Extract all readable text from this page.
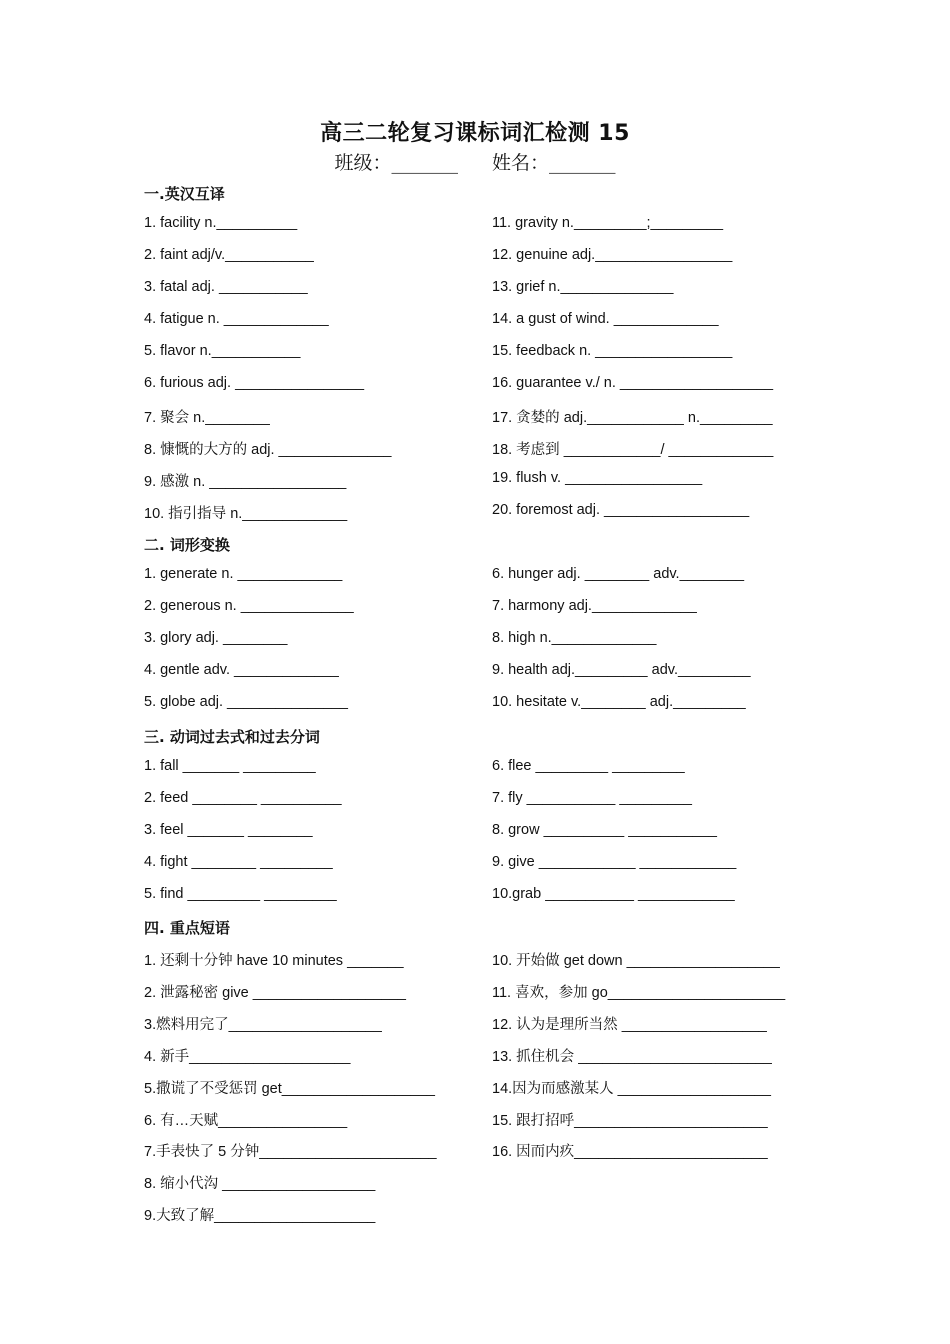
高三二轮复习课标词汇检测 15
班级：_______ 姓名：_______
一.英汉互译
1. facility n.__________	11. gravity n._________;_________
2. faint adj/v.___________	12. genuine adj._________________
3. fatal adj. ___________	13. grief n.______________
4. fatigue n. _____________	14. a gust of wind. _____________
5. flavor n.___________	15. feedback n. _________________
6. furious adj. ________________	16. guarantee v./ n. ___________________
7. 聚会 n.________	17. 贪婪的 adj.____________ n._________
8. 慷慨的大方的 adj. ______________	18. 考虑到 ____________/ _____________
9. 感激 n. _________________	19. flush v. _________________
10. 指引指导 n._____________	20. foremost adj. __________________
二. 词形变换
1. generate n. _____________	6. hunger adj. ________ adv.________
2. generous n. ______________	7. harmony adj._____________
3. glory adj. ________	8. high n._____________
4. gentle adv. _____________	9. health adj._________ adv._________
5. globe adj. _______________	10. hesitate v.________ adj._________
三. 动词过去式和过去分词
1. fall _______ _________	6. flee _________ _________
2. feed ________ __________	7. fly ___________ _________
3. feel _______ ________	8. grow __________ ___________
4. fight ________ _________	9. give ____________ ____________
5. find _________ _________	10.grab ___________ ____________
四. 重点短语
1. 还剩十分钟 have 10 minutes _______	10. 开始做 get down ___________________
2. 泄露秘密 give ___________________	11. 喜欢，参加 go______________________
3.燃料用完了___________________	12. 认为是理所当然 __________________
4. 新手____________________	13. 抓住机会 ________________________
5.撒谎了不受惩罚 get___________________	14.因为而感激某人 ___________________
6. 有…天赋________________	15. 跟打招呼________________________
7.手表快了 5 分钟______________________	16. 因而内疚________________________
8. 缩小代沟 ___________________
9.大致了解____________________
